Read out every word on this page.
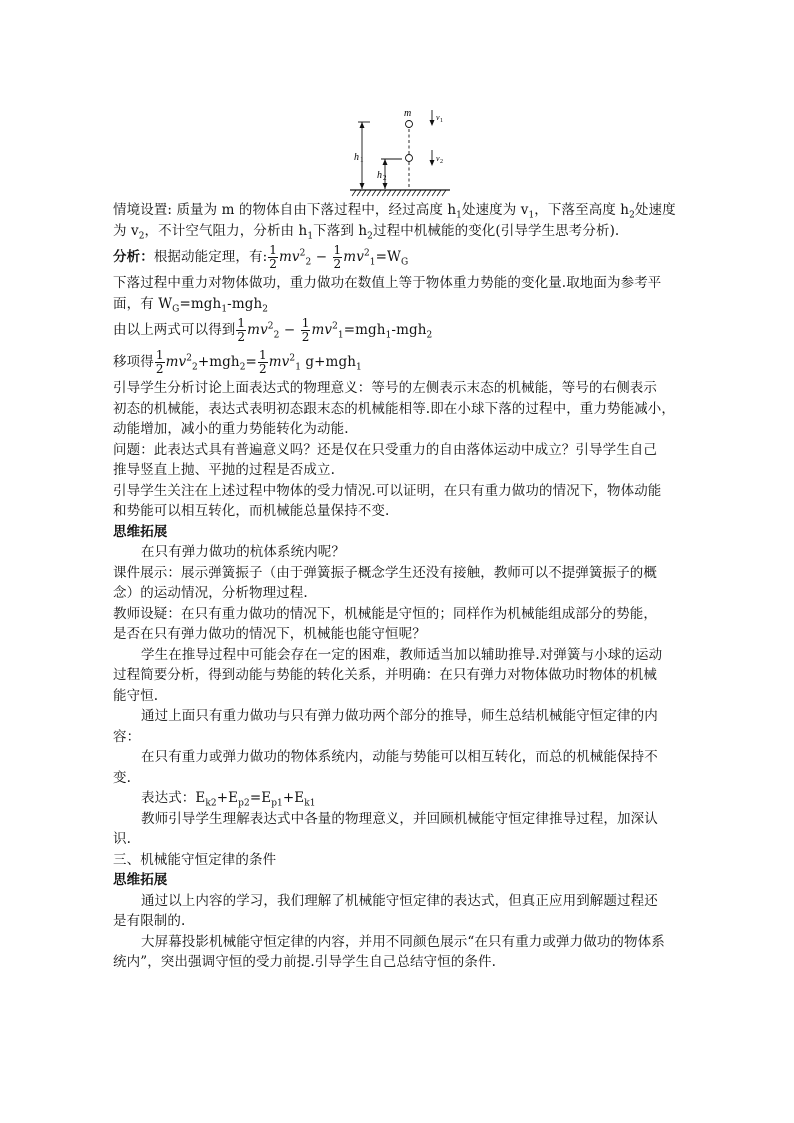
h 1
h 2
m	v 1
v 2
情境设置: 质量为 m 的物体自由下落过程中，经过高度 $h_1$处速度为 $v_1$，下落至高度 $h_2$处速度
为 $v_2$，不计空气阻力，分析由 $h_1$下落到 $h_2$过程中机械能的变化(引导学生思考分析).
分析：根据动能定理，有: $\frac{1}{2} mv^2_2 - \frac{1}{2} mv^2_1=W_G$
下落过程中重力对物体做功，重力做功在数值上等于物体重力势能的变化量.取地面为参考平
面，有 $W_G=mgh_1-mgh_2$
由以上两式可以得到 $\frac{1}{2} mv^2_2 - \frac{1}{2} mv^2_1=mgh_1-mgh_2$
移项得 $\frac{1}{2} mv^2_2+mgh_2= \frac{1}{2} mv^2_1$ g+mgh$_1$
引导学生分析讨论上面表达式的物理意义：等号的左侧表示末态的机械能，等号的右侧表示
初态的机械能，表达式表明初态跟末态的机械能相等.即在小球下落的过程中，重力势能减小，
动能增加，减小的重力势能转化为动能.
问题：此表达式具有普遍意义吗？还是仅在只受重力的自由落体运动中成立？引导学生自己
推导竖直上抛、平抛的过程是否成立.
引导学生关注在上述过程中物体的受力情况.可以证明，在只有重力做功的情况下，物体动能
和势能可以相互转化，而机械能总量保持不变.
思维拓展
在只有弹力做功的杭体系统内呢？
课件展示：展示弹簧振子（由于弹簧振子概念学生还没有接触，教师可以不提弹簧振子的概
念）的运动情况，分析物理过程.
教师设疑：在只有重力做功的情况下，机械能是守恒的；同样作为机械能组成部分的势能，
是否在只有弹力做功的情况下，机械能也能守恒呢？
学生在推导过程中可能会存在一定的困难，教师适当加以辅助推导.对弹簧与小球的运动
过程简要分析，得到动能与势能的转化关系，并明确：在只有弹力对物体做功时物体的机械
能守恒.
通过上面只有重力做功与只有弹力做功两个部分的推导，师生总结机械能守恒定律的内
容：
在只有重力或弹力做功的物体系统内，动能与势能可以相互转化，而总的机械能保持不
变.
表达式：$E_{k2}+E_{p2}=E_{p1}+E_{k1}$
教师引导学生理解表达式中各量的物理意义，并回顾机械能守恒定律推导过程，加深认
识.
三、机械能守恒定律的条件
思维拓展
通过以上内容的学习，我们理解了机械能守恒定律的表达式，但真正应用到解题过程还
是有限制的.
大屏幕投影机械能守恒定律的内容，并用不同颜色展示“在只有重力或弹力做功的物体系
统内”，突出强调守恒的受力前提.引导学生自己总结守恒的条件.
